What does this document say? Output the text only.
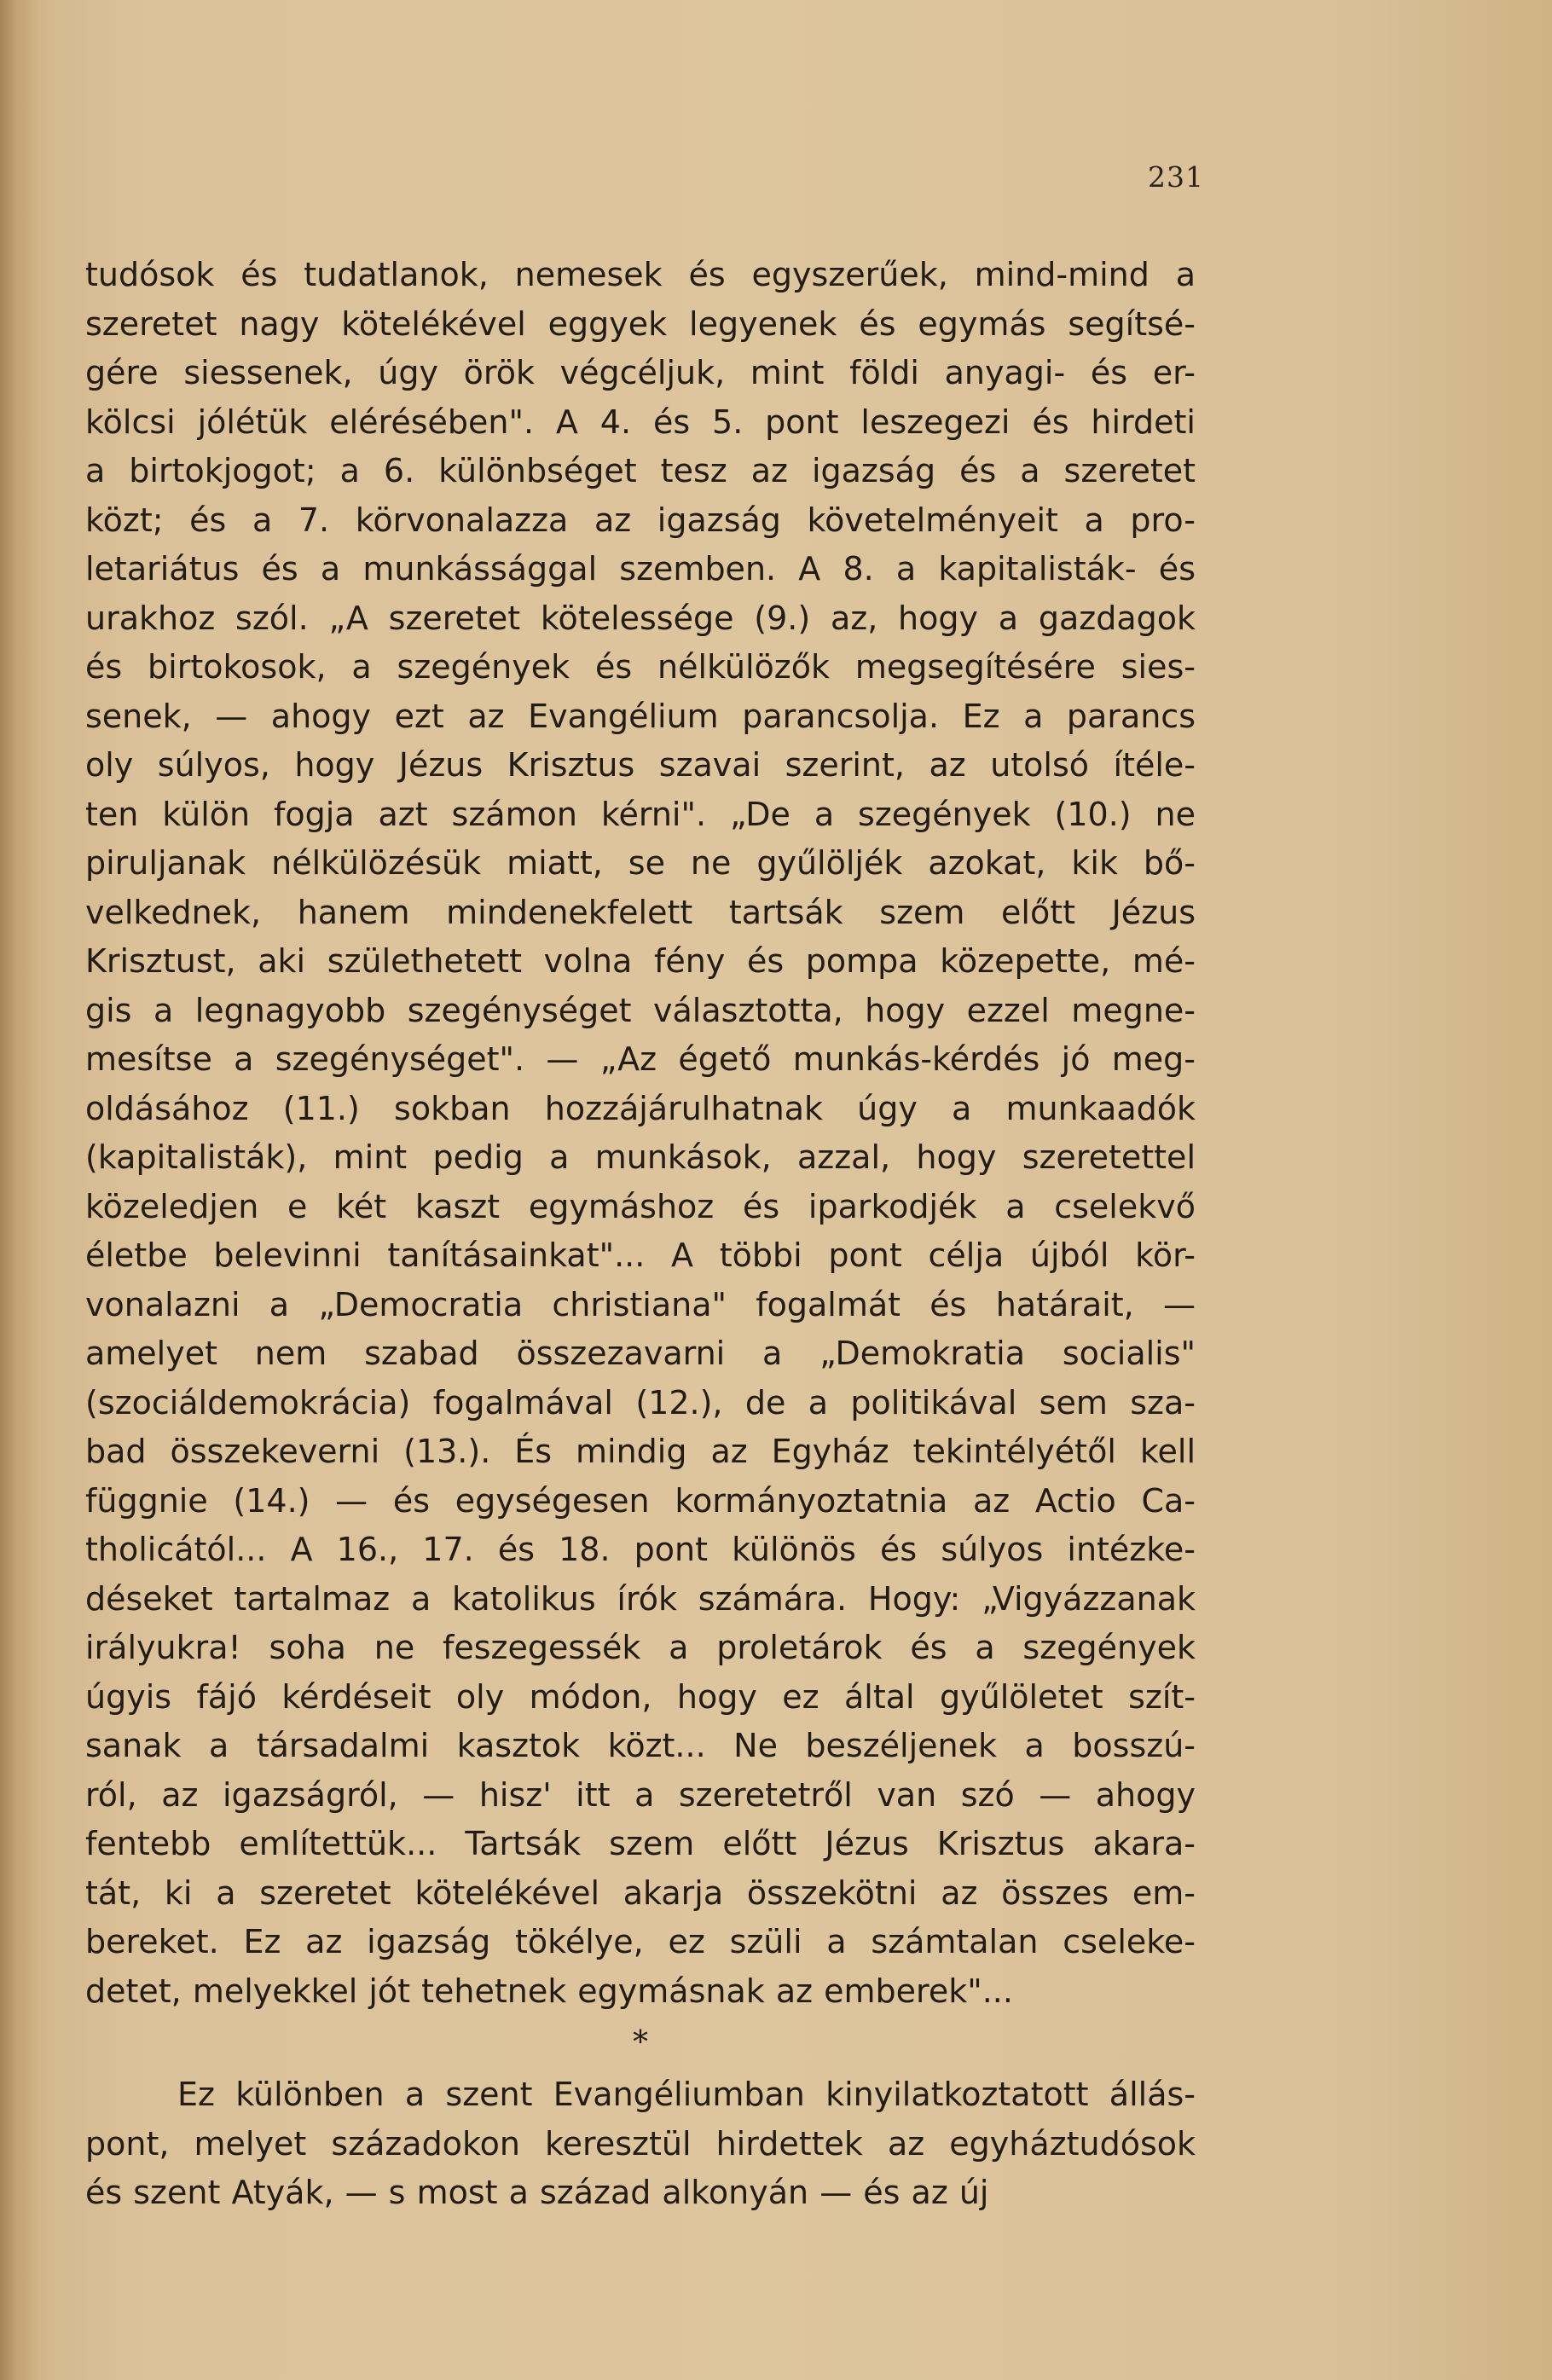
231
tudósok és tudatlanok, nemesek és egyszerűek, mind-mind a
szeretet nagy kötelékével eggyek legyenek és egymás segítsé-
gére siessenek, úgy örök végcéljuk, mint földi anyagi- és er-
kölcsi jólétük elérésében". A 4. és 5. pont leszegezi és hirdeti
a birtokjogot; a 6. különbséget tesz az igazság és a szeretet
közt; és a 7. körvonalazza az igazság követelményeit a pro-
letariátus és a munkássággal szemben. A 8. a kapitalisták- és
urakhoz szól. „A szeretet kötelessége (9.) az, hogy a gazdagok
és birtokosok, a szegények és nélkülözők megsegítésére sies-
senek, — ahogy ezt az Evangélium parancsolja. Ez a parancs
oly súlyos, hogy Jézus Krisztus szavai szerint, az utolsó ítéle-
ten külön fogja azt számon kérni". „De a szegények (10.) ne
piruljanak nélkülözésük miatt, se ne gyűlöljék azokat, kik bő-
velkednek, hanem mindenekfelett tartsák szem előtt Jézus
Krisztust, aki születhetett volna fény és pompa közepette, mé-
gis a legnagyobb szegénységet választotta, hogy ezzel megne-
mesítse a szegénységet". — „Az égető munkás-kérdés jó meg-
oldásához (11.) sokban hozzájárulhatnak úgy a munkaadók
(kapitalisták), mint pedig a munkások, azzal, hogy szeretettel
közeledjen e két kaszt egymáshoz és iparkodjék a cselekvő
életbe belevinni tanításainkat"... A többi pont célja újból kör-
vonalazni a „Democratia christiana" fogalmát és határait, —
amelyet nem szabad összezavarni a „Demokratia socialis"
(szociáldemokrácia) fogalmával (12.), de a politikával sem sza-
bad összekeverni (13.). És mindig az Egyház tekintélyétől kell
függnie (14.) — és egységesen kormányoztatnia az Actio Ca-
tholicától... A 16., 17. és 18. pont különös és súlyos intézke-
déseket tartalmaz a katolikus írók számára. Hogy: „Vigyázzanak
irályukra! soha ne feszegessék a proletárok és a szegények
úgyis fájó kérdéseit oly módon, hogy ez által gyűlöletet szít-
sanak a társadalmi kasztok közt... Ne beszéljenek a bosszú-
ról, az igazságról, — hisz' itt a szeretetről van szó — ahogy
fentebb említettük... Tartsák szem előtt Jézus Krisztus akara-
tát, ki a szeretet kötelékével akarja összekötni az összes em-
bereket. Ez az igazság tökélye, ez szüli a számtalan cseleke-
detet, melyekkel jót tehetnek egymásnak az emberek"...
*
Ez különben a szent Evangéliumban kinyilatkoztatott állás-
pont, melyet századokon keresztül hirdettek az egyháztudósok
és szent Atyák, — s most a század alkonyán — és az új
